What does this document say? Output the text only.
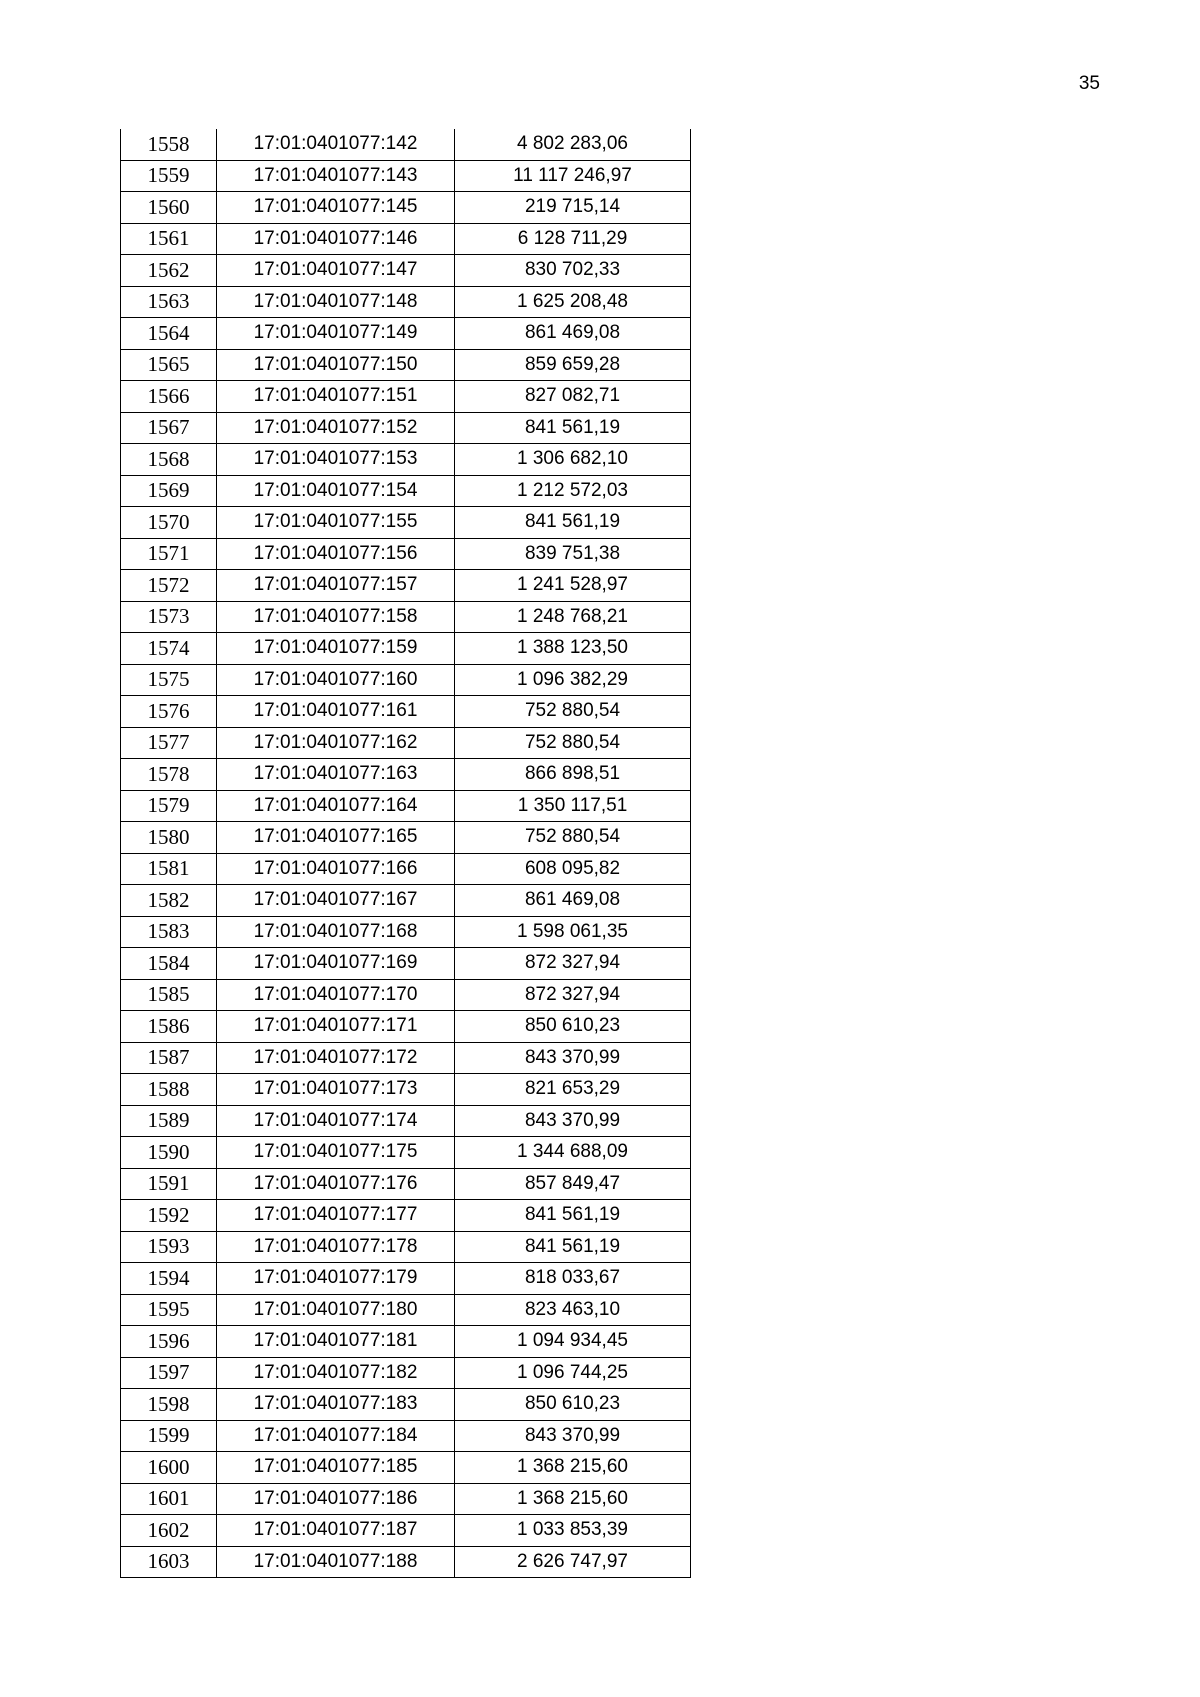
35
1558	17:01:0401077:142	4 802 283,06
1559	17:01:0401077:143	11 117 246,97
1560	17:01:0401077:145	219 715,14
1561	17:01:0401077:146	6 128 711,29
1562	17:01:0401077:147	830 702,33
1563	17:01:0401077:148	1 625 208,48
1564	17:01:0401077:149	861 469,08
1565	17:01:0401077:150	859 659,28
1566	17:01:0401077:151	827 082,71
1567	17:01:0401077:152	841 561,19
1568	17:01:0401077:153	1 306 682,10
1569	17:01:0401077:154	1 212 572,03
1570	17:01:0401077:155	841 561,19
1571	17:01:0401077:156	839 751,38
1572	17:01:0401077:157	1 241 528,97
1573	17:01:0401077:158	1 248 768,21
1574	17:01:0401077:159	1 388 123,50
1575	17:01:0401077:160	1 096 382,29
1576	17:01:0401077:161	752 880,54
1577	17:01:0401077:162	752 880,54
1578	17:01:0401077:163	866 898,51
1579	17:01:0401077:164	1 350 117,51
1580	17:01:0401077:165	752 880,54
1581	17:01:0401077:166	608 095,82
1582	17:01:0401077:167	861 469,08
1583	17:01:0401077:168	1 598 061,35
1584	17:01:0401077:169	872 327,94
1585	17:01:0401077:170	872 327,94
1586	17:01:0401077:171	850 610,23
1587	17:01:0401077:172	843 370,99
1588	17:01:0401077:173	821 653,29
1589	17:01:0401077:174	843 370,99
1590	17:01:0401077:175	1 344 688,09
1591	17:01:0401077:176	857 849,47
1592	17:01:0401077:177	841 561,19
1593	17:01:0401077:178	841 561,19
1594	17:01:0401077:179	818 033,67
1595	17:01:0401077:180	823 463,10
1596	17:01:0401077:181	1 094 934,45
1597	17:01:0401077:182	1 096 744,25
1598	17:01:0401077:183	850 610,23
1599	17:01:0401077:184	843 370,99
1600	17:01:0401077:185	1 368 215,60
1601	17:01:0401077:186	1 368 215,60
1602	17:01:0401077:187	1 033 853,39
1603	17:01:0401077:188	2 626 747,97
